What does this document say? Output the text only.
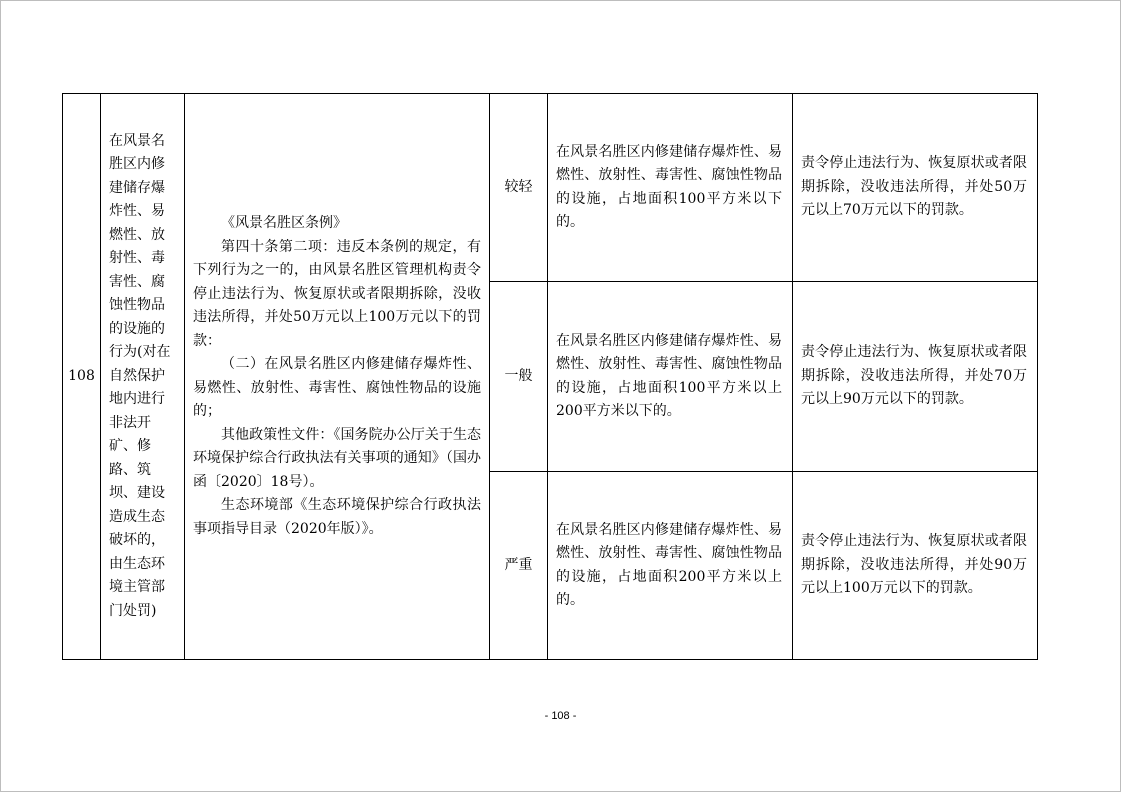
108	在风景名胜区内修建储存爆炸性、易燃性、放射性、毒害性、腐蚀性物品的设施的行为(对在自然保护地内进行非法开矿、修路、筑坝、建设造成生态破坏的，由生态环境主管部门处罚)	《风景名胜区条例》

第四十条第二项：违反本条例的规定，有下列行为之一的，由风景名胜区管理机构责令停止违法行为、恢复原状或者限期拆除，没收违法所得，并处50万元以上100万元以下的罚款：

（二）在风景名胜区内修建储存爆炸性、易燃性、放射性、毒害性、腐蚀性物品的设施的；

其他政策性文件：《国务院办公厅关于生态环境保护综合行政执法有关事项的通知》（国办函〔2020〕18号）。

生态环境部《生态环境保护综合行政执法事项指导目录（2020年版）》。	较轻	在风景名胜区内修建储存爆炸性、易燃性、放射性、毒害性、腐蚀性物品的设施，占地面积100平方米以下的。	责令停止违法行为、恢复原状或者限期拆除，没收违法所得，并处50万元以上70万元以下的罚款。
			一般	在风景名胜区内修建储存爆炸性、易燃性、放射性、毒害性、腐蚀性物品的设施，占地面积100平方米以上200平方米以下的。	责令停止违法行为、恢复原状或者限期拆除，没收违法所得，并处70万元以上90万元以下的罚款。
			严重	在风景名胜区内修建储存爆炸性、易燃性、放射性、毒害性、腐蚀性物品的设施，占地面积200平方米以上的。	责令停止违法行为、恢复原状或者限期拆除，没收违法所得，并处90万元以上100万元以下的罚款。
- 108 -
